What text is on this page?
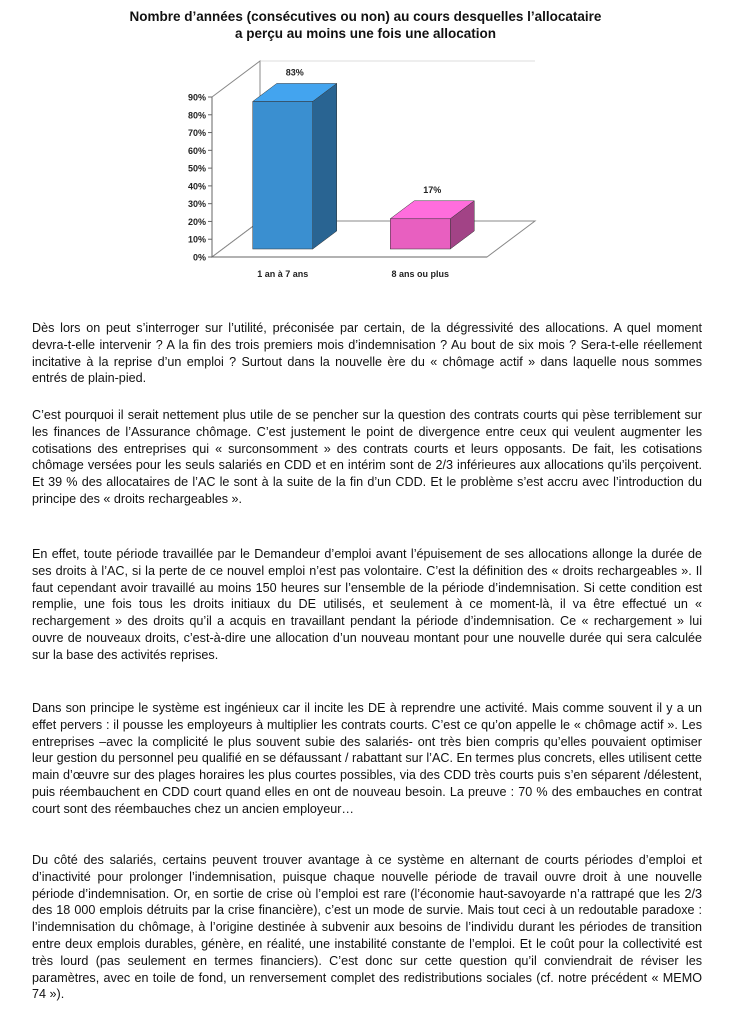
Nombre d’années (consécutives ou non) au cours desquelles l’allocataire
a perçu au moins une fois une allocation
0%
10%
20%
30%
40%
50%
60%
70%
80%
90%
83%
1 an à 7 ans
17%
8 ans ou plus

Dès lors on peut s’interroger sur l’utilité, préconisée par certain, de la dégressivité des allocations. A quel moment devra-t-elle intervenir ? A la fin des trois premiers mois d’indemnisation ? Au bout de six mois ? Sera-t-elle réellement incitative à la reprise d’un emploi ? Surtout dans la nouvelle ère du « chômage actif » dans laquelle nous sommes entrés de plain-pied.

C’est pourquoi il serait nettement plus utile de se pencher sur la question des contrats courts qui pèse terriblement sur les finances de l’Assurance chômage. C’est justement le point de divergence entre ceux qui veulent augmenter les cotisations des entreprises qui « surconsomment » des contrats courts et leurs opposants. De fait, les cotisations chômage versées pour les seuls salariés en CDD et en intérim sont de 2/3 inférieures aux allocations qu’ils perçoivent. Et 39 % des allocataires de l’AC le sont à la suite de la fin d’un CDD. Et le problème s’est accru avec l’introduction du principe des « droits rechargeables ».

En effet, toute période travaillée par le Demandeur d’emploi avant l’épuisement de ses allocations allonge la durée de ses droits à l’AC, si la perte de ce nouvel emploi n’est pas volontaire. C’est la définition des « droits rechargeables ». Il faut cependant avoir travaillé au moins 150 heures sur l’ensemble de la période d’indemnisation. Si cette condition est remplie, une fois tous les droits initiaux du DE utilisés, et seulement à ce moment-là, il va être effectué un « rechargement » des droits qu’il a acquis en travaillant pendant la période d’indemnisation. Ce « rechargement » lui ouvre de nouveaux droits, c’est-à-dire une allocation d’un nouveau montant pour une nouvelle durée qui sera calculée sur la base des activités reprises.

Dans son principe le système est ingénieux car il incite les DE à reprendre une activité. Mais comme souvent il y a un effet pervers : il pousse les employeurs à multiplier les contrats courts. C’est ce qu’on appelle le « chômage actif ». Les entreprises –avec la complicité le plus souvent subie des salariés- ont très bien compris qu’elles pouvaient optimiser leur gestion du personnel peu qualifié en se défaussant / rabattant sur l’AC. En termes plus concrets, elles utilisent cette main d’œuvre sur des plages horaires les plus courtes possibles, via des CDD très courts puis s’en séparent /délestent, puis réembauchent en CDD court quand elles en ont de nouveau besoin. La preuve : 70 % des embauches en contrat court sont des réembauches chez un ancien employeur…

Du côté des salariés, certains peuvent trouver avantage à ce système en alternant de courts périodes d’emploi et d’inactivité pour prolonger l’indemnisation, puisque chaque nouvelle période de travail ouvre droit à une nouvelle période d’indemnisation. Or, en sortie de crise où l’emploi est rare (l’économie haut-savoyarde n’a rattrapé que les 2/3 des 18 000 emplois détruits par la crise financière), c’est un mode de survie. Mais tout ceci à un redoutable paradoxe : l’indemnisation du chômage, à l’origine destinée à subvenir aux besoins de l’individu durant les périodes de transition entre deux emplois durables, génère, en réalité, une instabilité constante de l’emploi. Et le coût pour la collectivité est très lourd (pas seulement en termes financiers). C’est donc sur cette question qu’il conviendrait de réviser les paramètres, avec en toile de fond, un renversement complet des redistributions sociales (cf. notre précédent « MEMO 74 »).
